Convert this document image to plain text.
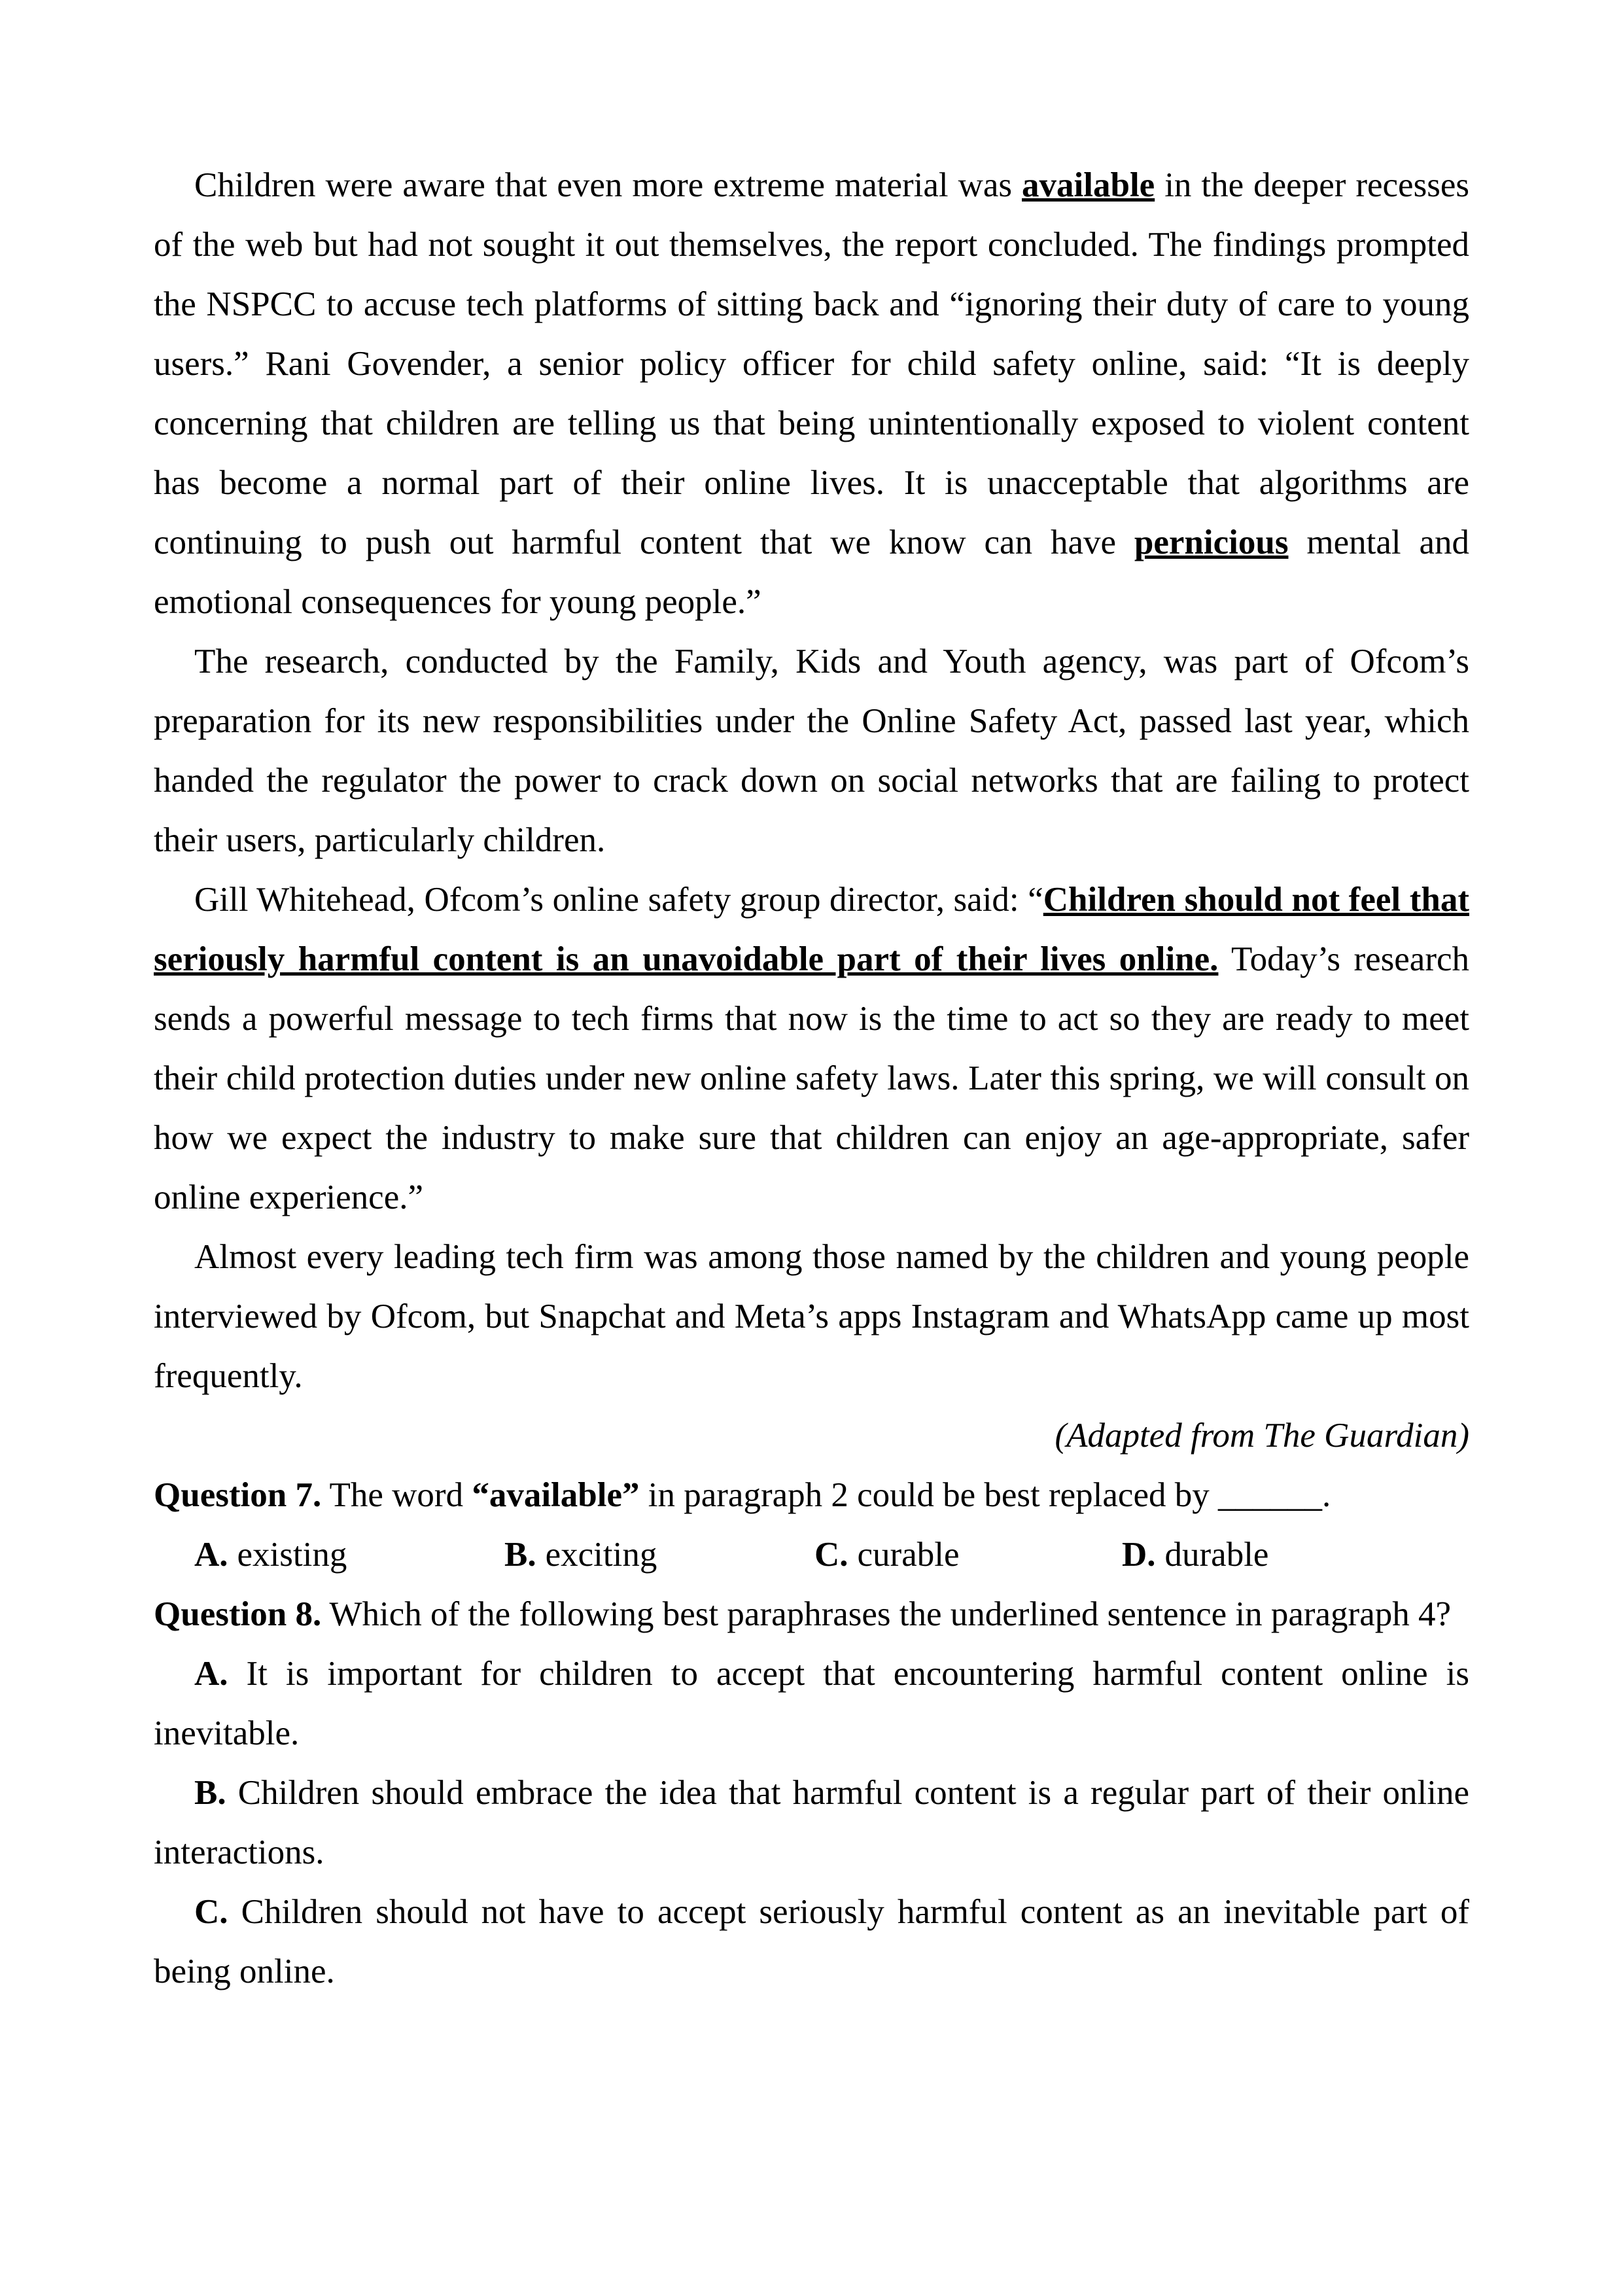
Children were aware that even more extreme material was available in the deeper recesses of the web but had not sought it out themselves, the report concluded. The findings prompted the NSPCC to accuse tech platforms of sitting back and “ignoring their duty of care to young users.” Rani Govender, a senior policy officer for child safety online, said: “It is deeply concerning that children are telling us that being unintentionally exposed to violent content has become a normal part of their online lives. It is unacceptable that algorithms are continuing to push out harmful content that we know can have pernicious mental and emotional consequences for young people.”

The research, conducted by the Family, Kids and Youth agency, was part of Ofcom’s preparation for its new responsibilities under the Online Safety Act, passed last year, which handed the regulator the power to crack down on social networks that are failing to protect their users, particularly children.

Gill Whitehead, Ofcom’s online safety group director, said: “Children should not feel that seriously harmful content is an unavoidable part of their lives online. Today’s research sends a powerful message to tech firms that now is the time to act so they are ready to meet their child protection duties under new online safety laws. Later this spring, we will consult on how we expect the industry to make sure that children can enjoy an age-appropriate, safer online experience.”

Almost every leading tech firm was among those named by the children and young people interviewed by Ofcom, but Snapchat and Meta’s apps Instagram and WhatsApp came up most frequently.

(Adapted from The Guardian)

Question 7. The word “available” in paragraph 2 could be best replaced by ______.

A. existing	B. exciting	C. curable	D. durable

Question 8. Which of the following best paraphrases the underlined sentence in paragraph 4?

A. It is important for children to accept that encountering harmful content online is inevitable.

B. Children should embrace the idea that harmful content is a regular part of their online interactions.

C. Children should not have to accept seriously harmful content as an inevitable part of being online.
